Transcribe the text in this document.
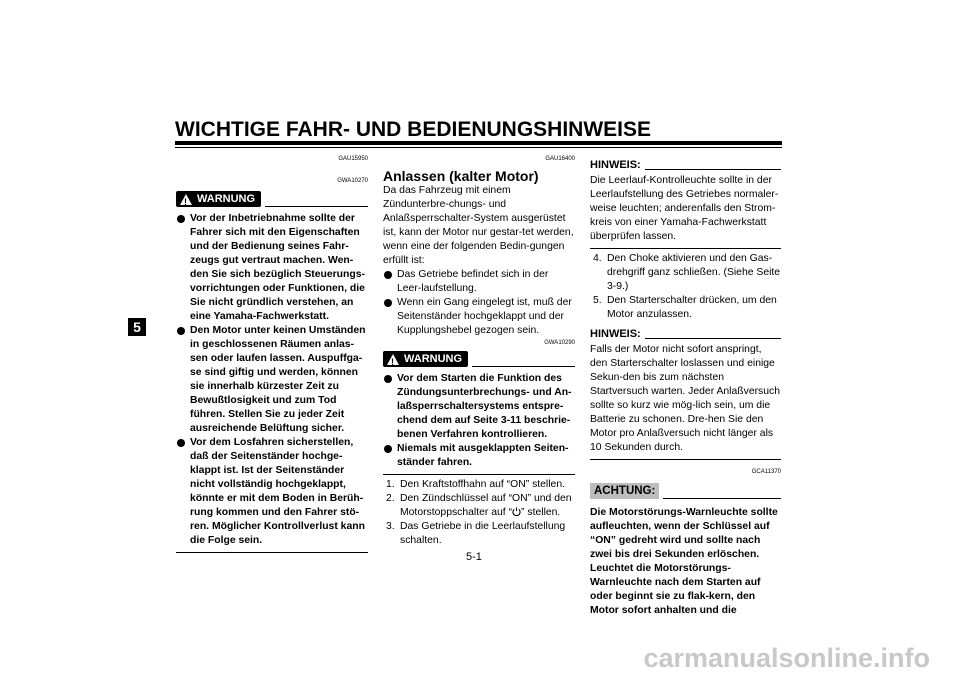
WICHTIGE FAHR- UND BEDIENUNGSHINWEISE
5
GAU15950
GWA10270
! WARNUNG
Vor der Inbetriebnahme sollte der Fahrer sich mit den Eigenschaften und der Bedienung seines Fahr-zeugs gut vertraut machen. Wen-den Sie sich bezüglich Steuerungs-vorrichtungen oder Funktionen, die Sie nicht gründlich verstehen, an eine Yamaha-Fachwerkstatt.
Den Motor unter keinen Umständen in geschlossenen Räumen anlas-sen oder laufen lassen. Auspuffga-se sind giftig und werden, können sie innerhalb kürzester Zeit zu Bewußtlosigkeit und zum Tod führen. Stellen Sie zu jeder Zeit ausreichende Belüftung sicher.
Vor dem Losfahren sicherstellen, daß der Seitenständer hochge-klappt ist. Ist der Seitenständer nicht vollständig hochgeklappt, könnte er mit dem Boden in Berüh-rung kommen und den Fahrer stö-ren. Möglicher Kontrollverlust kann die Folge sein.
GAU16400
Anlassen (kalter Motor)
Da das Fahrzeug mit einem Zündunterbre-chungs- und Anlaßsperrschalter-System ausgerüstet ist, kann der Motor nur gestar-tet werden, wenn eine der folgenden Bedin-gungen erfüllt ist:
Das Getriebe befindet sich in der Leer-laufstellung.
Wenn ein Gang eingelegt ist, muß der Seitenständer hochgeklappt und der Kupplungshebel gezogen sein.
GWA10290
! WARNUNG
Vor dem Starten die Funktion des Zündungsunterbrechungs- und An-laßsperrschaltersystems entspre-chend dem auf Seite 3-11 beschrie-benen Verfahren kontrollieren.
Niemals mit ausgeklappten Seiten-ständer fahren.
1. Den Kraftstoffhahn auf “ON” stellen.
2. Den Zündschlüssel auf “ON” und den Motorstoppschalter auf “ ” stellen.
3. Das Getriebe in die Leerlaufstellung schalten.
HINWEIS:
Die Leerlauf-Kontrolleuchte sollte in der Leerlaufstellung des Getriebes normaler-weise leuchten; anderenfalls den Strom-kreis von einer Yamaha-Fachwerkstatt überprüfen lassen.
4. Den Choke aktivieren und den Gas-drehgriff ganz schließen. (Siehe Seite 3-9.)
5. Den Starterschalter drücken, um den Motor anzulassen.
HINWEIS:
Falls der Motor nicht sofort anspringt, den Starterschalter loslassen und einige Sekun-den bis zum nächsten Startversuch warten. Jeder Anlaßversuch sollte so kurz wie mög-lich sein, um die Batterie zu schonen. Dre-hen Sie den Motor pro Anlaßversuch nicht länger als 10 Sekunden durch.
GCA11370
ACHTUNG:
Die Motorstörungs-Warnleuchte sollte aufleuchten, wenn der Schlüssel auf “ON” gedreht wird und sollte nach zwei bis drei Sekunden erlöschen. Leuchtet die Motorstörungs-Warnleuchte nach dem Starten auf oder beginnt sie zu flak-kern, den Motor sofort anhalten und die
5-1
carmanualsonline.info
